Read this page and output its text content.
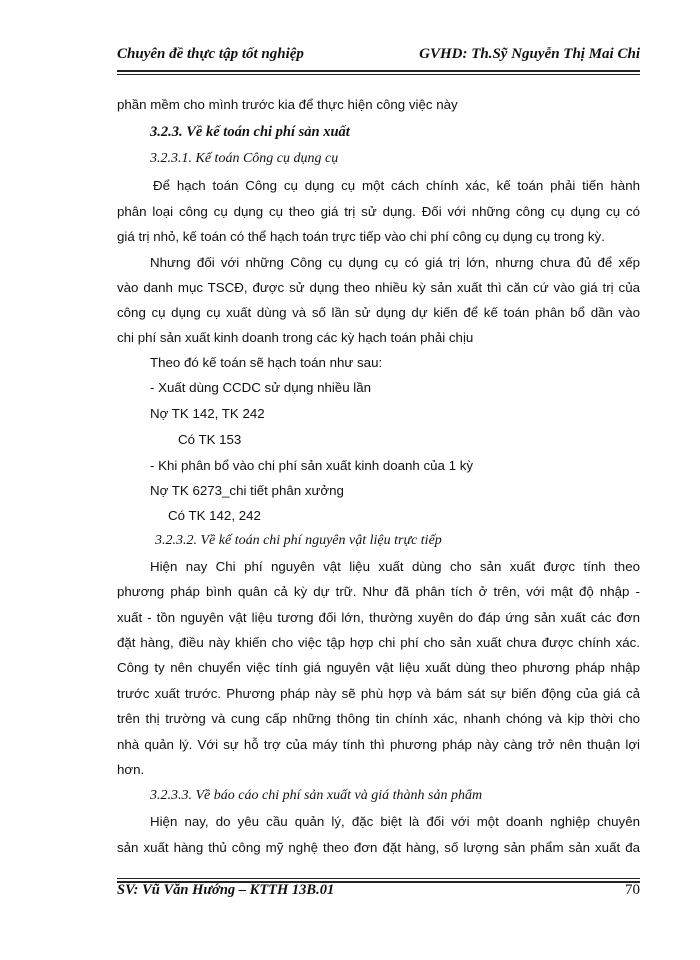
Chuyên đề thực tập tốt nghiệp	GVHD: Th.Sỹ Nguyễn Thị Mai Chi
phần mềm cho mình trước kia để thực hiện công việc này
3.2.3. Về kế toán chi phí sản xuất
3.2.3.1. Kế toán Công cụ dụng cụ
Để hạch toán Công cụ dụng cụ một cách chính xác, kế toán phải tiến hành
phân loại công cụ dụng cụ theo giá trị sử dụng. Đối với những công cụ dụng cụ có
giá trị nhỏ, kế toán có thể hạch toán trực tiếp vào chi phí công cụ dụng cụ trong kỳ.
Nhưng đối với những Công cụ dụng cụ có giá trị lớn, nhưng chưa đủ để xếp
vào danh mục TSCĐ, được sử dụng theo nhiều kỳ sản xuất thì căn cứ vào giá trị của
công cụ dụng cụ xuất dùng và số lần sử dụng dự kiến để kế toán phân bổ dần vào
chi phí sản xuất kinh doanh trong các kỳ hạch toán phải chịu
Theo đó kế toán sẽ hạch toán như sau:
- Xuất dùng CCDC sử dụng nhiều lần
Nợ TK 142, TK 242
Có TK 153
- Khi phân bổ vào chi phí sản xuất kinh doanh của 1 kỳ
Nợ TK 6273_chi tiết phân xưởng
Có TK 142, 242
3.2.3.2. Về kế toán chi phí nguyên vật liệu trực tiếp
Hiện nay Chi phí nguyên vật liệu xuất dùng cho sản xuất được tính theo
phương pháp bình quân cả kỳ dự trữ. Như đã phân tích ở trên, với mật độ nhập -
xuất - tồn nguyên vật liệu tương đối lớn, thường xuyên do đáp ứng sản xuất các đơn
đặt hàng, điều này khiến cho việc tập hợp chi phí cho sản xuất chưa được chính xác.
Công ty nên chuyển việc tính giá nguyên vật liệu xuất dùng theo phương pháp nhập
trước xuất trước. Phương pháp này sẽ phù hợp và bám sát sự biến động của giá cả
trên thị trường và cung cấp những thông tin chính xác, nhanh chóng và kịp thời cho
nhà quản lý. Với sự hỗ trợ của máy tính thì phương pháp này càng trở nên thuận lợi
hơn.
3.2.3.3. Về báo cáo chi phí sản xuất và giá thành sản phẩm
Hiện nay, do yêu cầu quản lý, đặc biệt là đối với một doanh nghiệp chuyên
sản xuất hàng thủ công mỹ nghệ theo đơn đặt hàng, số lượng sản phẩm sản xuất đa
SV: Vũ Văn Hướng – KTTH 13B.01	70
